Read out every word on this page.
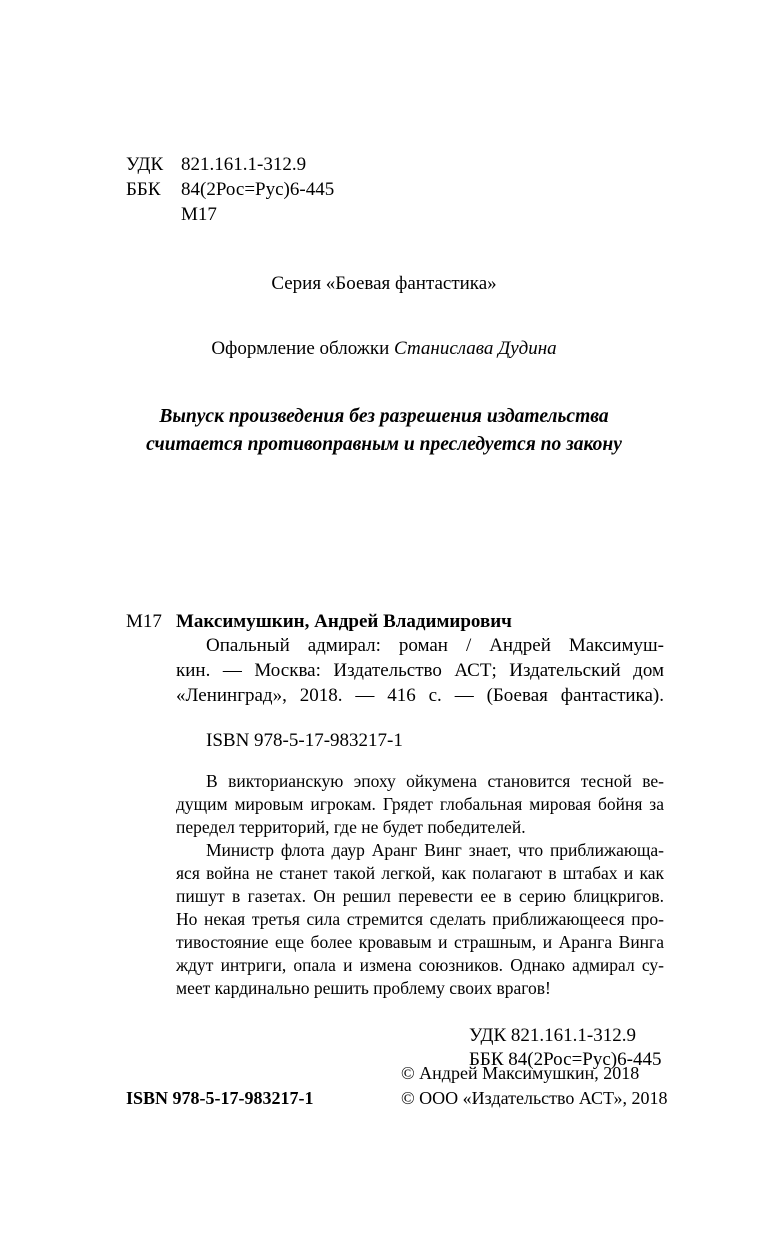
УДК 821.161.1-312.9
ББК 84(2Рос=Рус)6-445
М17
Серия «Боевая фантастика»
Оформление обложки Станислава Дудина
Выпуск произведения без разрешения издательства
считается противоправным и преследуется по закону
М17 Максимушкин, Андрей Владимирович
Опальный адмирал: роман / Андрей Максимуш-
кин. — Москва: Издательство АСТ; Издательский дом
«Ленинград», 2018. — 416 с. — (Боевая фантастика).
ISBN 978-5-17-983217-1
В викторианскую эпоху ойкумена становится тесной ве-
дущим мировым игрокам. Грядет глобальная мировая бойня за
передел территорий, где не будет победителей.
Министр флота даур Аранг Винг знает, что приближающа-
яся война не станет такой легкой, как полагают в штабах и как
пишут в газетах. Он решил перевести ее в серию блицкригов.
Но некая третья сила стремится сделать приближающееся про-
тивостояние еще более кровавым и страшным, и Аранга Винга
ждут интриги, опала и измена союзников. Однако адмирал су-
меет кардинально решить проблему своих врагов!
УДК 821.161.1-312.9
ББК 84(2Рос=Рус)6-445
ISBN 978-5-17-983217-1
© Андрей Максимушкин, 2018
© ООО «Издательство АСТ», 2018
